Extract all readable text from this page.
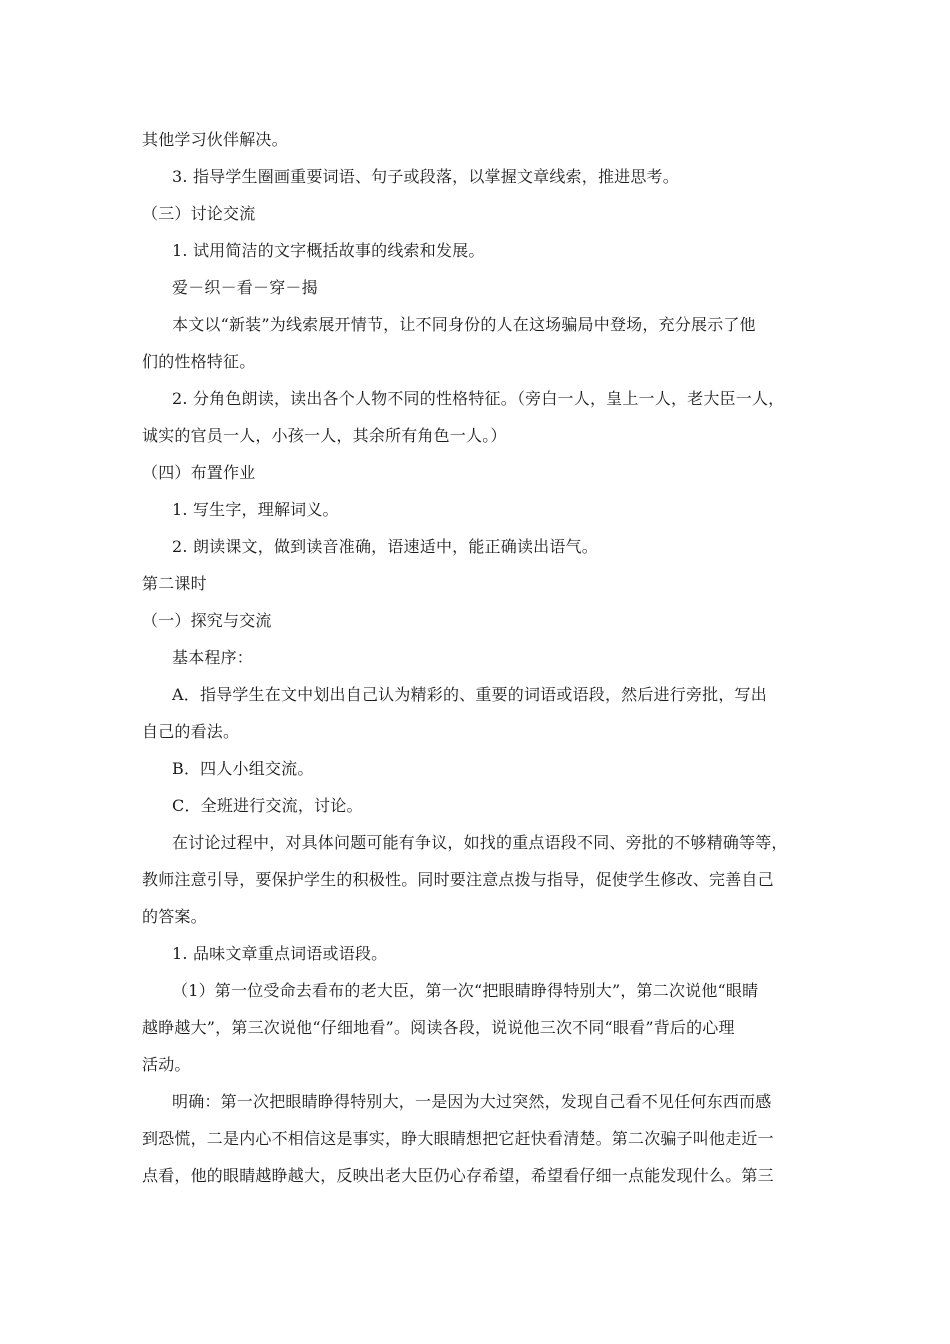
其他学习伙伴解决。
3. 指导学生圈画重要词语、句子或段落，以掌握文章线索，推进思考。
（三）讨论交流
1. 试用简洁的文字概括故事的线索和发展。
爱－织－看－穿－揭
本文以“新装”为线索展开情节，让不同身份的人在这场骗局中登场，充分展示了他
们的性格特征。
2. 分角色朗读，读出各个人物不同的性格特征。（旁白一人，皇上一人，老大臣一人，
诚实的官员一人，小孩一人，其余所有角色一人。）
（四）布置作业
1. 写生字，理解词义。
2. 朗读课文，做到读音准确，语速适中，能正确读出语气。
第二课时
（一）探究与交流
基本程序：
A．指导学生在文中划出自己认为精彩的、重要的词语或语段，然后进行旁批，写出
自己的看法。
B．四人小组交流。
C．全班进行交流，讨论。
在讨论过程中，对具体问题可能有争议，如找的重点语段不同、旁批的不够精确等等，
教师注意引导，要保护学生的积极性。同时要注意点拨与指导，促使学生修改、完善自己
的答案。
1. 品味文章重点词语或语段。
（1）第一位受命去看布的老大臣，第一次“把眼睛睁得特别大”，第二次说他“眼睛
越睁越大”，第三次说他“仔细地看”。阅读各段，说说他三次不同“眼看”背后的心理
活动。
明确：第一次把眼睛睁得特别大，一是因为大过突然，发现自己看不见任何东西而感
到恐慌，二是内心不相信这是事实，睁大眼睛想把它赶快看清楚。第二次骗子叫他走近一
点看，他的眼睛越睁越大，反映出老大臣仍心存希望，希望看仔细一点能发现什么。第三
